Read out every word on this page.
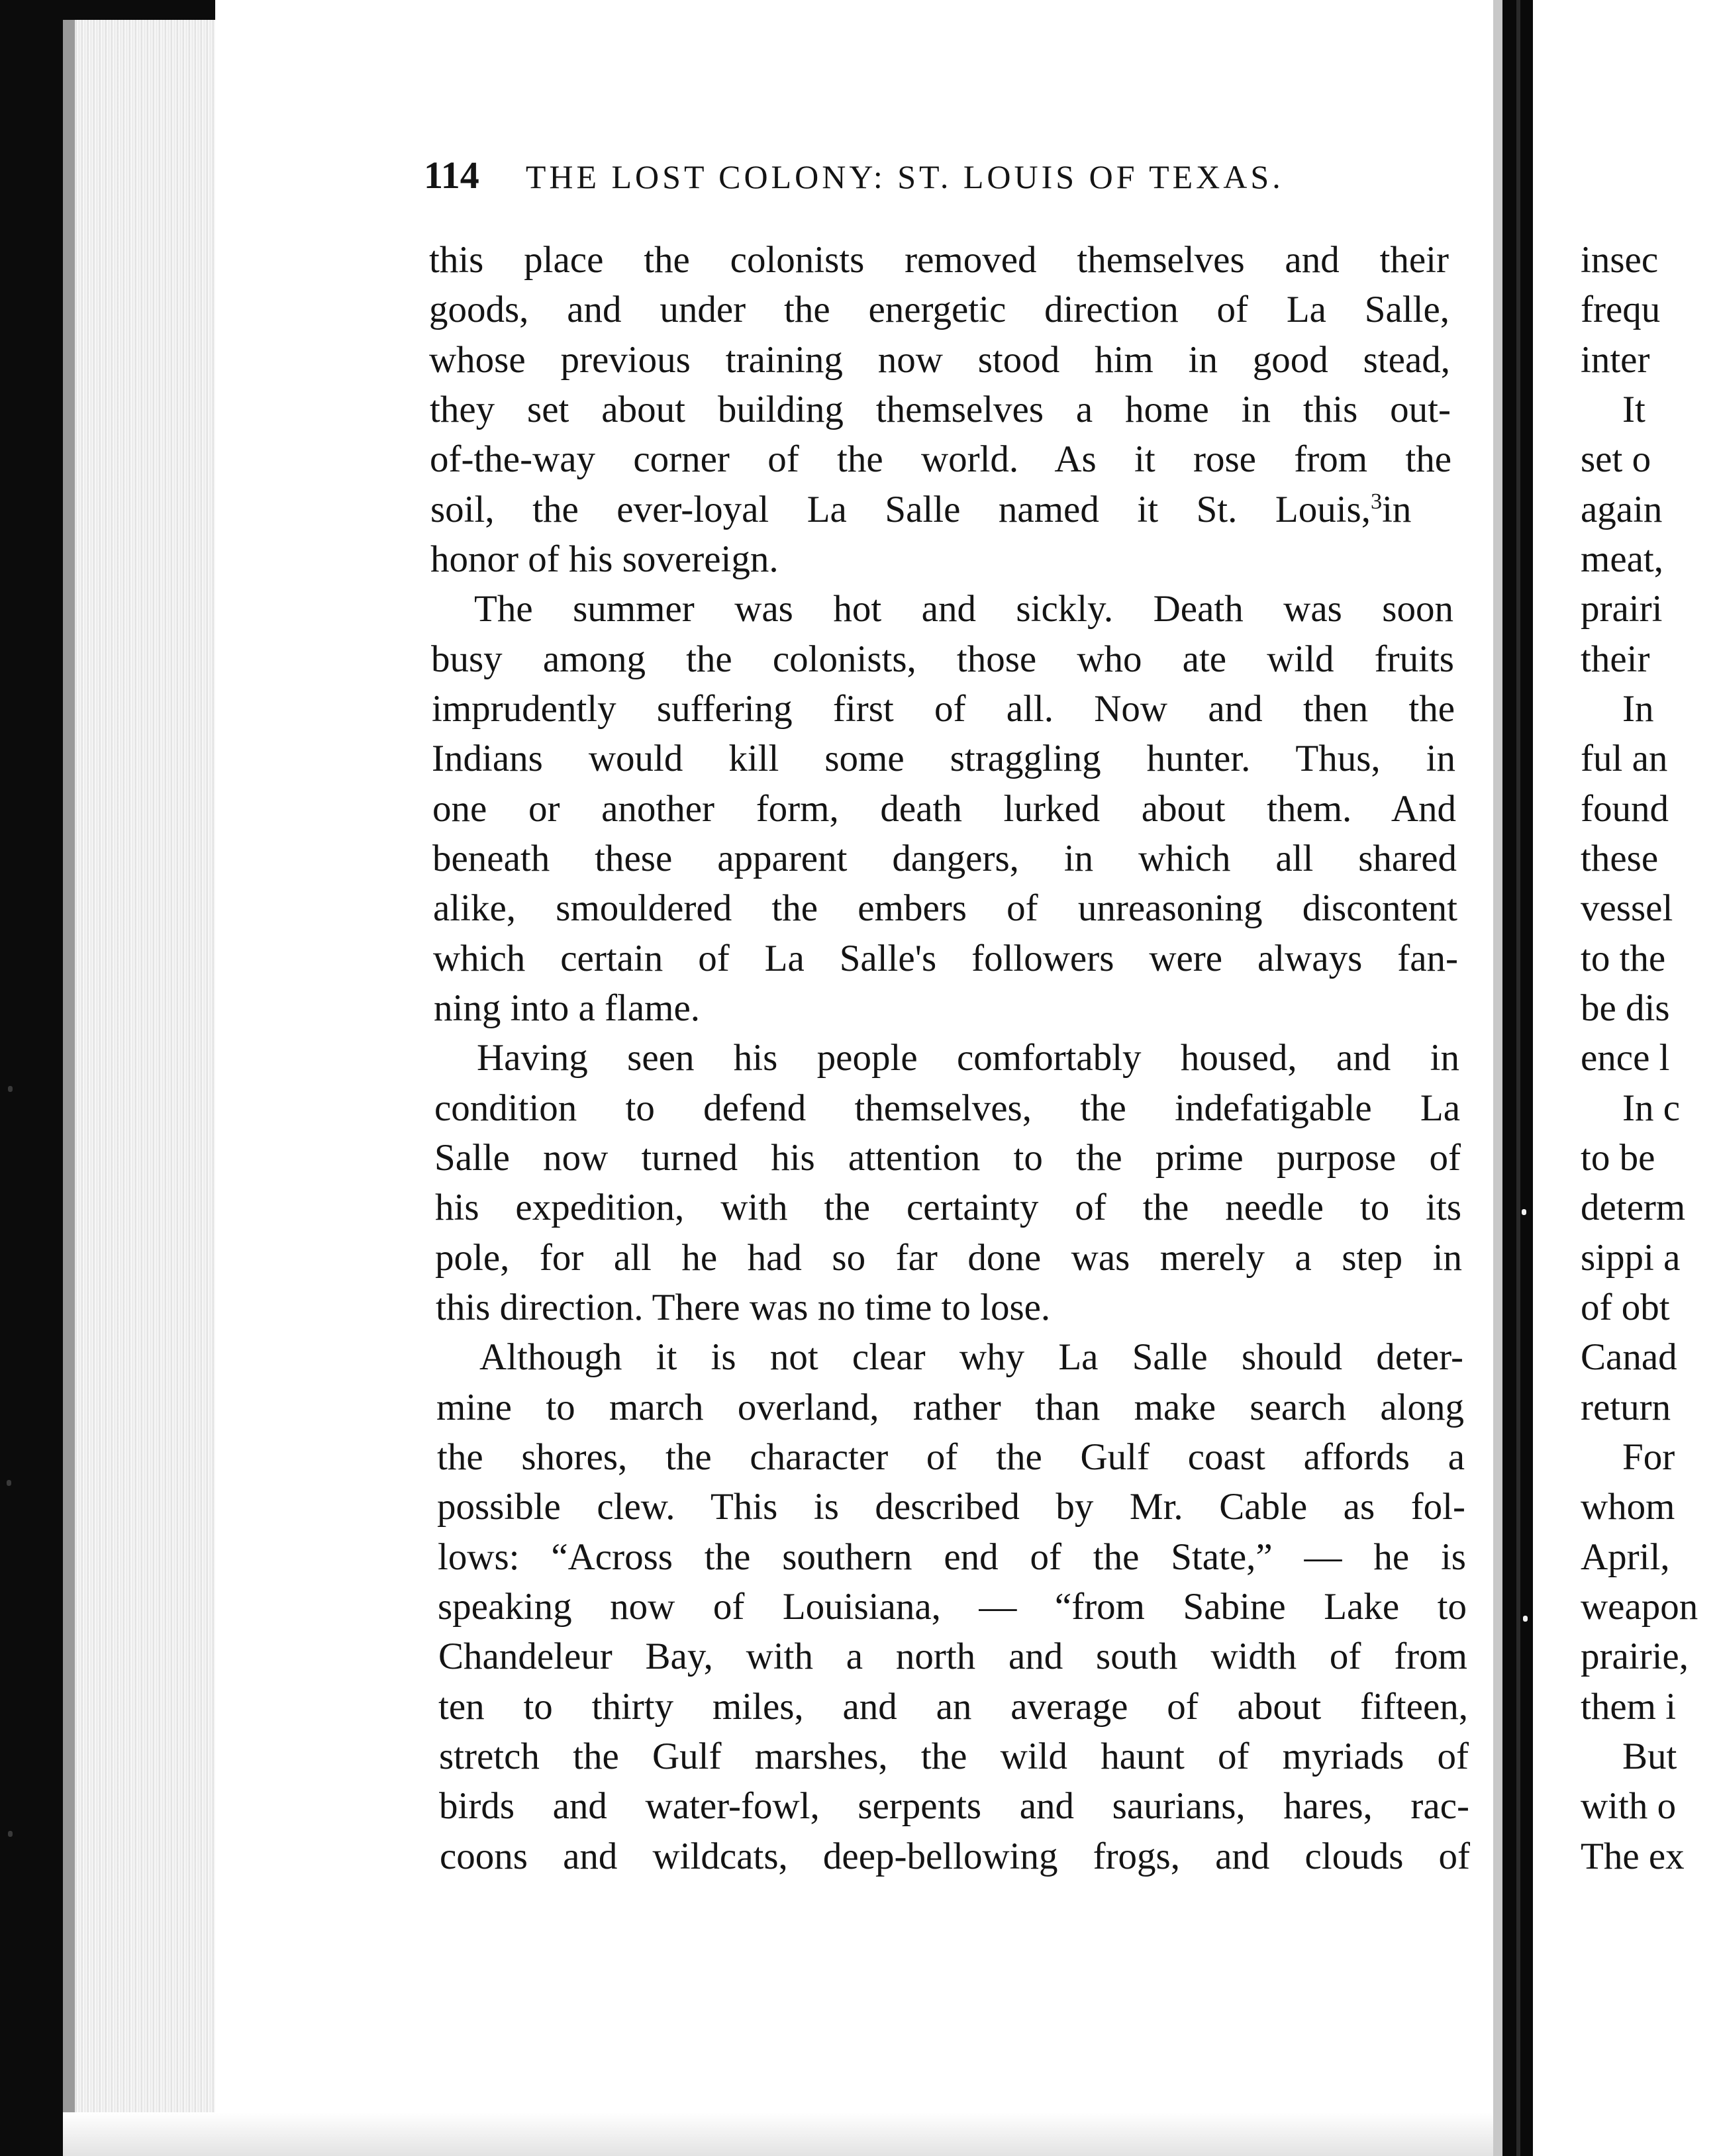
114 THE LOST COLONY: ST. LOUIS OF TEXAS.
this place the colonists removed themselves and their
goods, and under the energetic direction of La Salle,
whose previous training now stood him in good stead,
they set about building themselves a home in this out-
of-the-way corner of the world. As it rose from the
soil, the ever-loyal La Salle named it St. Louis,$^3$in
honor of his sovereign.
The summer was hot and sickly. Death was soon
busy among the colonists, those who ate wild fruits
imprudently suffering first of all. Now and then the
Indians would kill some straggling hunter. Thus, in
one or another form, death lurked about them. And
beneath these apparent dangers, in which all shared
alike, smouldered the embers of unreasoning discontent
which certain of La Salle's followers were always fan-
ning into a flame.
Having seen his people comfortably housed, and in
condition to defend themselves, the indefatigable La
Salle now turned his attention to the prime purpose of
his expedition, with the certainty of the needle to its
pole, for all he had so far done was merely a step in
this direction. There was no time to lose.
Although it is not clear why La Salle should deter-
mine to march overland, rather than make search along
the shores, the character of the Gulf coast affords a
possible clew. This is described by Mr. Cable as fol-
lows: “Across the southern end of the State,” — he is
speaking now of Louisiana, — “from Sabine Lake to
Chandeleur Bay, with a north and south width of from
ten to thirty miles, and an average of about fifteen,
stretch the Gulf marshes, the wild haunt of myriads of
birds and water-fowl, serpents and saurians, hares, rac-
coons and wildcats, deep-bellowing frogs, and clouds of
insec
frequ
inter
It
set o
again
meat,
prairi
their
In
ful an
found
these
vessel
to the
be dis
ence l
In c
to be
determ
sippi a
of obt
Canad
return
For
whom
April,
weapon
prairie,
them i
But
with o
The ex
